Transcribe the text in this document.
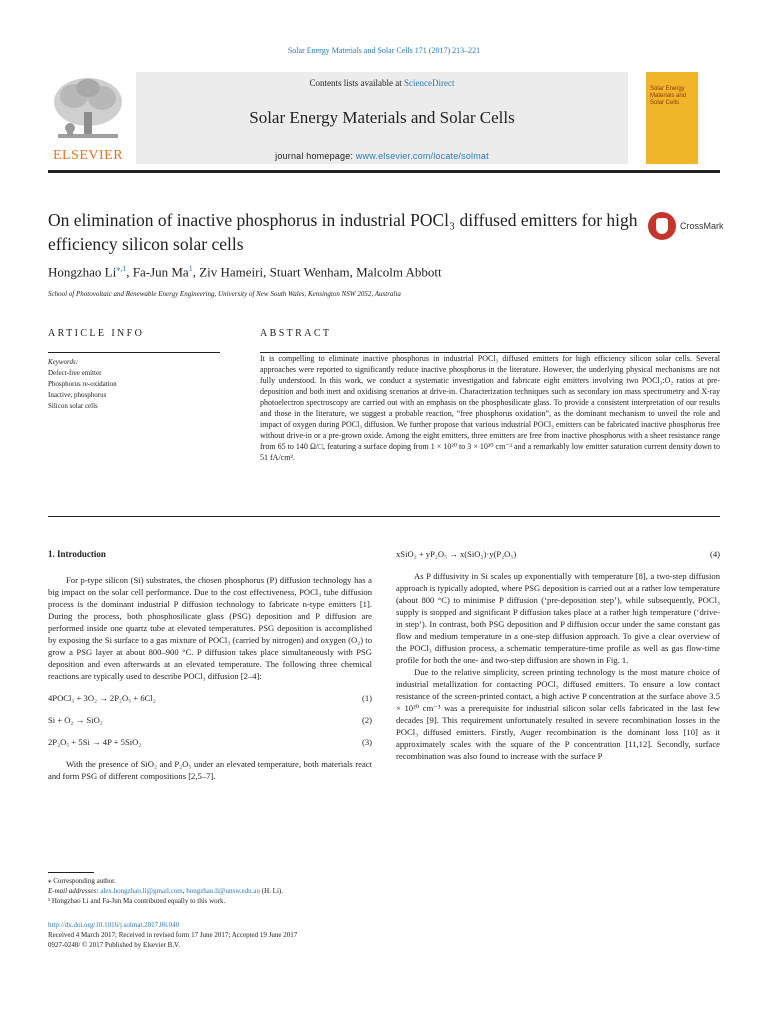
Solar Energy Materials and Solar Cells 171 (2017) 213–221
ELSEVIER
Contents lists available at ScienceDirect
Solar Energy Materials and Solar Cells
journal homepage: www.elsevier.com/locate/solmat
Solar Energy Materials and Solar Cells
On elimination of inactive phosphorus in industrial POCl₃ diffused emitters for high efficiency silicon solar cells
CrossMark
Hongzhao $Li^{⁎,1}$, Fa-Jun Ma$^1$, Ziv Hameiri, Stuart Wenham, Malcolm Abbott
School of Photovoltaic and Renewable Energy Engineering, University of New South Wales, Kensington NSW 2052, Australia
ARTICLE INFO	ABSTRACT
Keywords:
Defect-free emitter
Phosphorus re-oxidation
Inactive, phosphorus
Silicon solar cells
It is compelling to eliminate inactive phosphorus in industrial POCl₃ diffused emitters for high efficiency silicon solar cells. Several approaches were reported to significantly reduce inactive phosphorus in the literature. However, the underlying physical mechanisms are not fully understood. In this work, we conduct a systematic investigation and fabricate eight emitters involving two POCl₃:O₂ ratios at pre-deposition and both inert and oxidising scenarios at drive-in. Characterization techniques such as secondary ion mass spectrometry and X-ray photoelectron spectroscopy are carried out with an emphasis on the phosphosilicate glass. To provide a consistent interpretation of our results and those in the literature, we suggest a probable reaction, “free phosphorus oxidation”, as the dominant mechanism to unveil the role and impact of oxygen during POCl₃ diffusion. We further propose that various industrial POCl₃ emitters can be fabricated inactive phosphorus free without drive-in or a pre-grown oxide. Among the eight emitters, three emitters are free from inactive phosphorus with a sheet resistance range from 65 to 140 Ω/□, featuring a surface doping from 1 × 10²⁰ to 3 × 10²⁰ cm⁻³ and a remarkably low emitter saturation current density down to 51 fA/cm².

1. Introduction

For p-type silicon (Si) substrates, the chosen phosphorus (P) diffusion technology has a big impact on the solar cell performance. Due to the cost effectiveness, POCl₃ tube diffusion process is the dominant industrial P diffusion technology to fabricate n-type emitters [1]. During the process, both phosphosilicate glass (PSG) deposition and P diffusion are performed inside one quartz tube at elevated temperatures. PSG deposition is accomplished by exposing the Si surface to a gas mixture of POCl₃ (carried by nitrogen) and oxygen (O₂) to grow a PSG layer at about 800–900 °C. P diffusion takes place simultaneously with PSG deposition and even afterwards at an elevated temperature. The following three chemical reactions are typically used to describe POCl₃ diffusion [2–4]:

4POCl₃ + 3O₂ → 2P₂O₅ + 6Cl₂	(1)

Si + O₂ → SiO₂	(2)

2P₂O₅ + 5Si → 4P + 5SiO₂	(3)

With the presence of SiO₂ and P₂O₅ under an elevated temperature, both materials react and form PSG of different compositions [2,5–7].

xSiO₂ + yP₂O₅ → x(SiO₂)·y(P₂O₅)	(4)

As P diffusivity in Si scales up exponentially with temperature [8], a two-step diffusion approach is typically adopted, where PSG deposition is carried out at a rather low temperature (about 800 °C) to minimise P diffusion (‘pre-deposition step’), while subsequently, POCl₃ supply is stopped and significant P diffusion takes place at a rather high temperature (‘drive-in step’). In contrast, both PSG deposition and P diffusion occur under the same constant gas flow and medium temperature in a one-step diffusion approach. To give a clear overview of the POCl₃ diffusion process, a schematic temperature-time profile as well as gas flow-time profile for both the one- and two-step diffusion are shown in Fig. 1.

Due to the relative simplicity, screen printing technology is the most mature choice of industrial metallization for contacting POCl₃ diffused emitters. To ensure a low contact resistance of the screen-printed contact, a high active P concentration at the surface above 3.5 × 10²⁰ cm⁻³ was a prerequisite for industrial silicon solar cells fabricated in the last few decades [9]. This requirement unfortunately resulted in severe recombination losses in the POCl₃ diffused emitters. Firstly, Auger recombination is the dominant loss [10] as it approximately scales with the square of the P concentration [11,12]. Secondly, surface recombination was also found to increase with the surface P

⁎ Corresponding author.
E-mail addresses: alex.hongzhao.li@gmail.com, hongzhao.li@unsw.edu.au (H. Li).
¹ Hongzhao Li and Fa-Jun Ma contributed equally to this work.
http://dx.doi.org/10.1016/j.solmat.2017.06.040
Received 4 March 2017; Received in revised form 17 June 2017; Accepted 19 June 2017
0927-0248/ © 2017 Published by Elsevier B.V.
